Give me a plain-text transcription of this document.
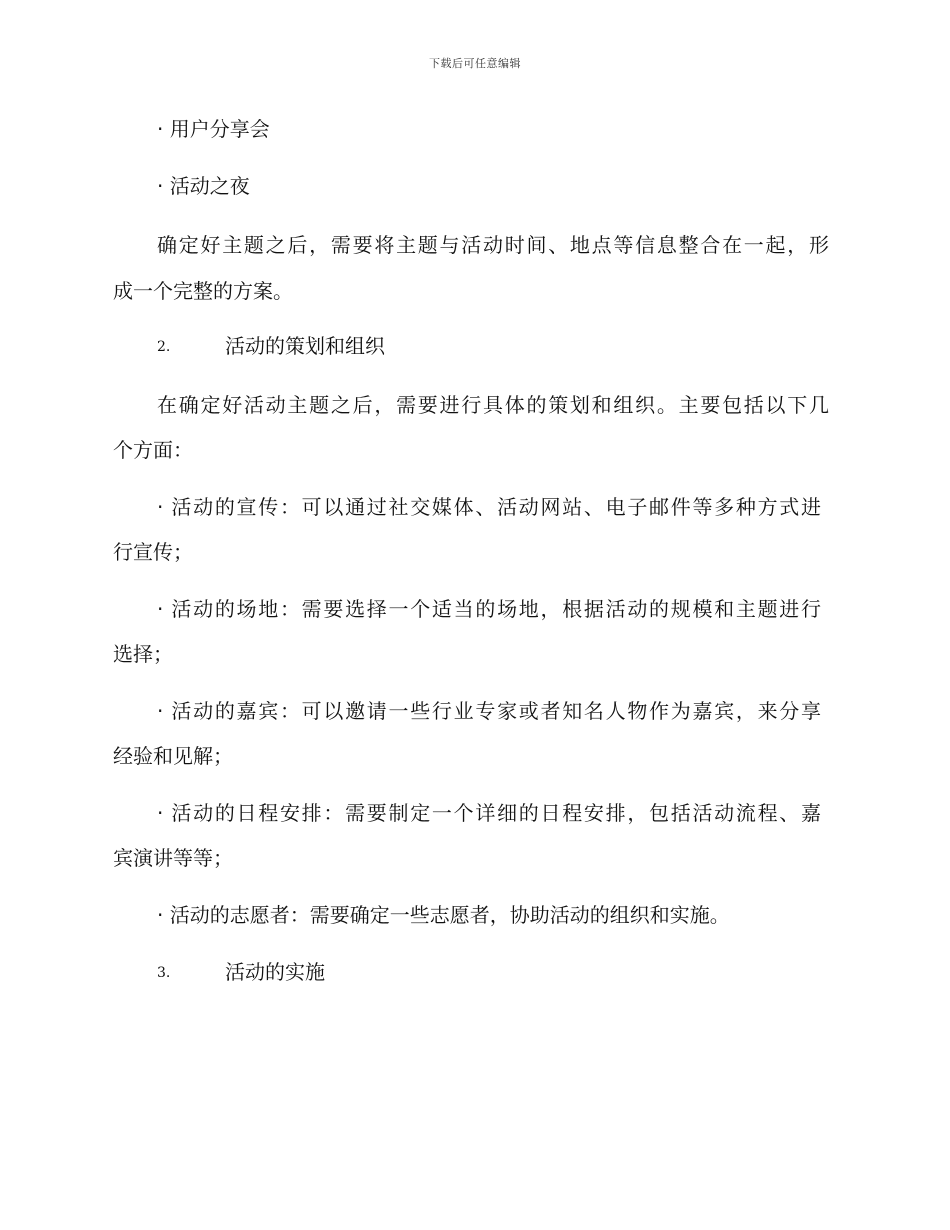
下载后可任意编辑
· 用户分享会
· 活动之夜
确定好主题之后，需要将主题与活动时间、地点等信息整合在一起，形
成一个完整的方案。
2.	活动的策划和组织
在确定好活动主题之后，需要进行具体的策划和组织。主要包括以下几
个方面：
· 活动的宣传：可以通过社交媒体、活动网站、电子邮件等多种方式进
行宣传；
· 活动的场地：需要选择一个适当的场地，根据活动的规模和主题进行
选择；
· 活动的嘉宾：可以邀请一些行业专家或者知名人物作为嘉宾，来分享
经验和见解；
· 活动的日程安排：需要制定一个详细的日程安排，包括活动流程、嘉
宾演讲等等；
· 活动的志愿者：需要确定一些志愿者，协助活动的组织和实施。
3.	活动的实施
